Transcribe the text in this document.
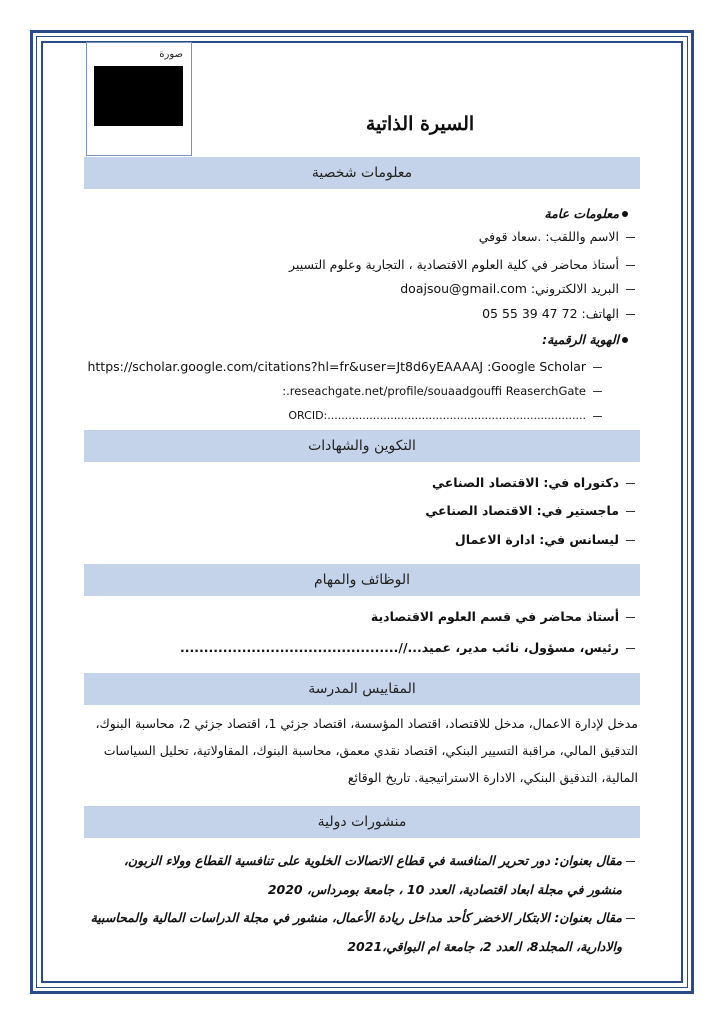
صورة
السيرة الذاتية
معلومات شخصية
معلومات عامة
الاسم واللقب: .سعاد قوفي
أستاذ محاضر في كلية العلوم الاقتصادية ، التجارية وعلوم التسيير
البريد الالكتروني: doajsou@gmail.com
الهاتف: 72 47 39 55 05
الهوية الرقمية:
https://scholar.google.com/citations?hl=fr&user=Jt8d6yEAAAAJ :Google Scholar
reseachgate.net/profile/souaadgouffi ReaserchGate.:
..........................................................................:ORCID
التكوين والشهادات
دكتوراه في: الاقتصاد الصناعي
ماجستير في: الاقتصاد الصناعي
ليسانس في: ادارة الاعمال
الوظائف والمهام
أستاذ محاضر في قسم العلوم الاقتصادية
رئيس، مسؤول، نائب مدير، عميد...//..............................................
المقاييس المدرسة
مدخل لإدارة الاعمال، مدخل للاقتصاد، اقتصاد المؤسسة، اقتصاد جزئي 1، اقتصاد جزئي 2، محاسبة البنوك، التدقيق المالي، مراقبة التسيير البنكي، اقتصاد نقدي معمق، محاسبة البنوك، المقاولاتية، تحليل السياسات المالية، التدقيق البنكي، الادارة الاستراتيجية. تاريخ الوقائع
منشورات دولية
مقال بعنوان: دور تحرير المنافسة في قطاع الاتصالات الخلوية على تنافسية القطاع وولاء الزبون، منشور في مجلة ابعاد اقتصادية، العدد 10 ، جامعة بومرداس، 2020
مقال بعنوان: الابتكار الاخضر كأحد مداخل ريادة الأعمال، منشور في مجلة الدراسات المالية والمحاسبية والادارية، المجلد8، العدد 2، جامعة ام البواقي،2021
